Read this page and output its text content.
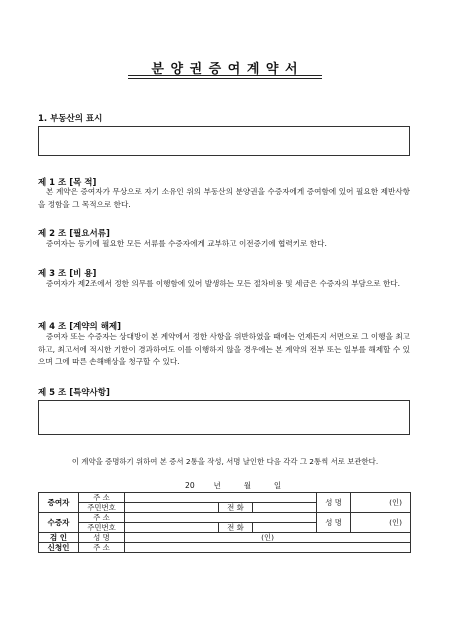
분 양 권 증 여 계 약 서
1. 부동산의 표시
제 1 조 [목 적]
본 계약은 증여자가 무상으로 자기 소유인 위의 부동산의 분양권을 수증자에게 증여함에 있어 필요한 제반사항을 정함을 그 목적으로 한다.
제 2 조 [필요서류]
증여자는 등기에 필요한 모든 서류를 수증자에게 교부하고 이전증기에 협력키로 한다.
제 3 조 [비 용]
증여자가 제2조에서 정한 의무를 이행함에 있어 발생하는 모든 절차비용 및 세금은 수증자의 부담으로 한다.
제 4 조 [계약의 해제]
증여자 또는 수증자는 상대방이 본 계약에서 정한 사항을 위반하였을 때에는 언제든지 서면으로 그 이행을 최고하고, 최고서에 적시한 기한이 경과하여도 이를 이행하지 않을 경우에는 본 계약의 전부 또는 일부를 해제할 수 있으며 그에 따른 손해배상을 청구할 수 있다.
제 5 조 [특약사항]
이 계약을 증명하기 위하여 본 증서 2통을 작성, 서명 날인한 다음 각각 그 2통씩 서로 보관한다.
20 년	월	일
증여자	주 소				성 명	(인)
	주민번호		전 화			
수증자	주 소				성 명	(인)
	주민번호		전 화			
검 인	성 명	(인)				
신청인	주 소					
